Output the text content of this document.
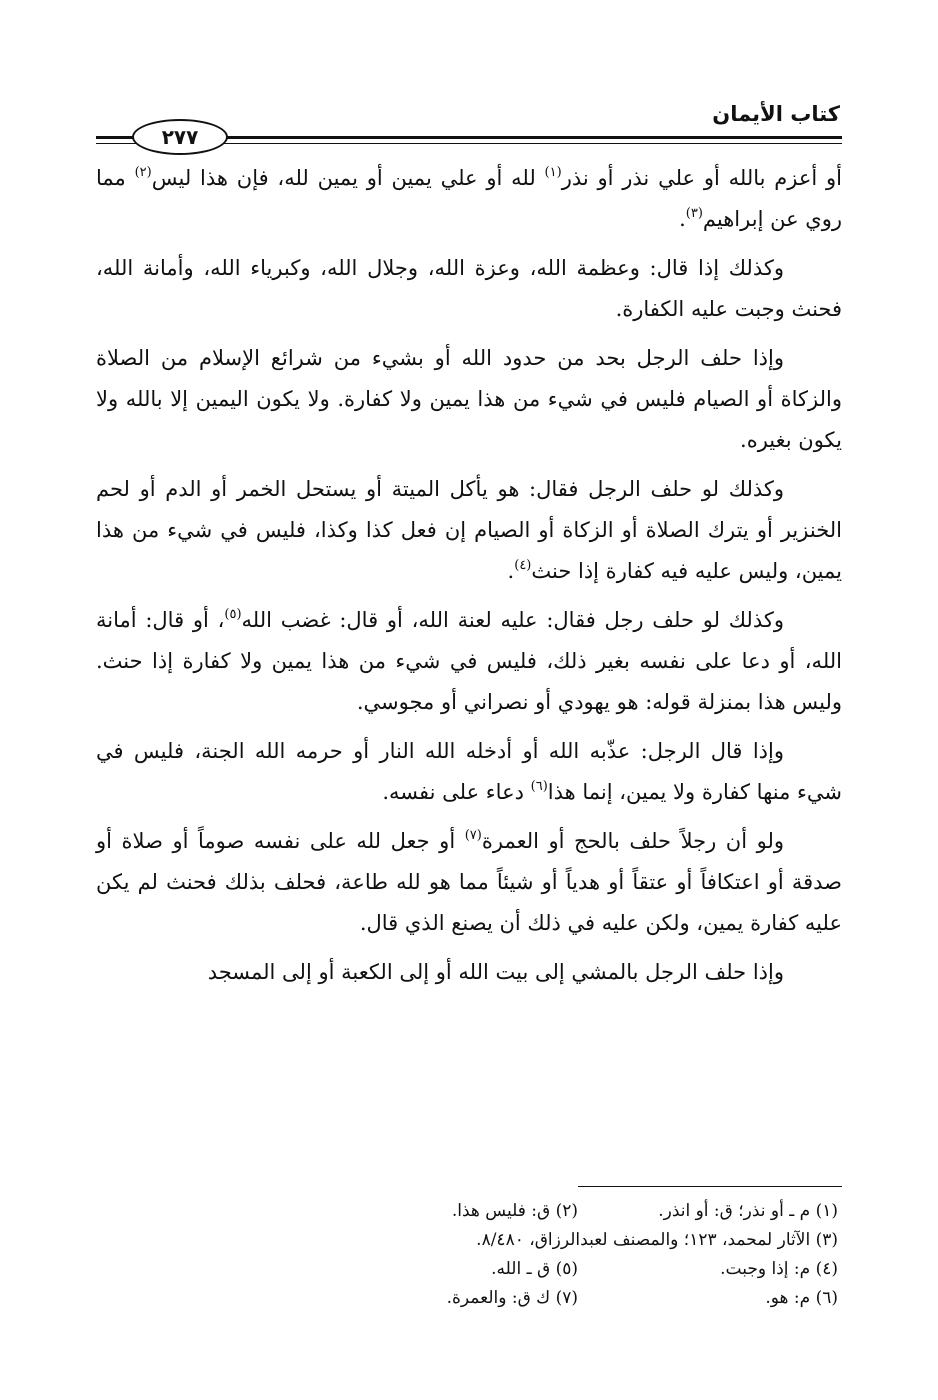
كتاب الأيمان
٢٧٧

أو أعزم بالله أو علي نذر أو نذر$^{(١)}$ لله أو علي يمين أو يمين لله، فإن هذا ليس$^{(٢)}$ مما روي عن إبراهيم$^{(٣)}$.

وكذلك إذا قال: وعظمة الله، وعزة الله، وجلال الله، وكبرياء الله، وأمانة الله، فحنث وجبت عليه الكفارة.

وإذا حلف الرجل بحد من حدود الله أو بشيء من شرائع الإسلام من الصلاة والزكاة أو الصيام فليس في شيء من هذا يمين ولا كفارة. ولا يكون اليمين إلا بالله ولا يكون بغيره.

وكذلك لو حلف الرجل فقال: هو يأكل الميتة أو يستحل الخمر أو الدم أو لحم الخنزير أو يترك الصلاة أو الزكاة أو الصيام إن فعل كذا وكذا، فليس في شيء من هذا يمين، وليس عليه فيه كفارة إذا حنث$^{(٤)}$.

وكذلك لو حلف رجل فقال: عليه لعنة الله، أو قال: غضب الله$^{(٥)}$، أو قال: أمانة الله، أو دعا على نفسه بغير ذلك، فليس في شيء من هذا يمين ولا كفارة إذا حنث. وليس هذا بمنزلة قوله: هو يهودي أو نصراني أو مجوسي.

وإذا قال الرجل: عذّبه الله أو أدخله الله النار أو حرمه الله الجنة، فليس في شيء منها كفارة ولا يمين، إنما هذا$^{(٦)}$ دعاء على نفسه.

ولو أن رجلاً حلف بالحج أو العمرة$^{(٧)}$ أو جعل لله على نفسه صوماً أو صلاة أو صدقة أو اعتكافاً أو عتقاً أو هدياً أو شيئاً مما هو لله طاعة، فحلف بذلك فحنث لم يكن عليه كفارة يمين، ولكن عليه في ذلك أن يصنع الذي قال.

وإذا حلف الرجل بالمشي إلى بيت الله أو إلى الكعبة أو إلى المسجد

(١) م ـ أو نذر؛ ق: أو انذر.
(٢) ق: فليس هذا.
(٣) الآثار لمحمد، ١٢٣؛ والمصنف لعبدالرزاق، ٨/٤٨٠.
(٤) م: إذا وجبت.
(٥) ق ـ الله.
(٦) م: هو.
(٧) ك ق: والعمرة.
